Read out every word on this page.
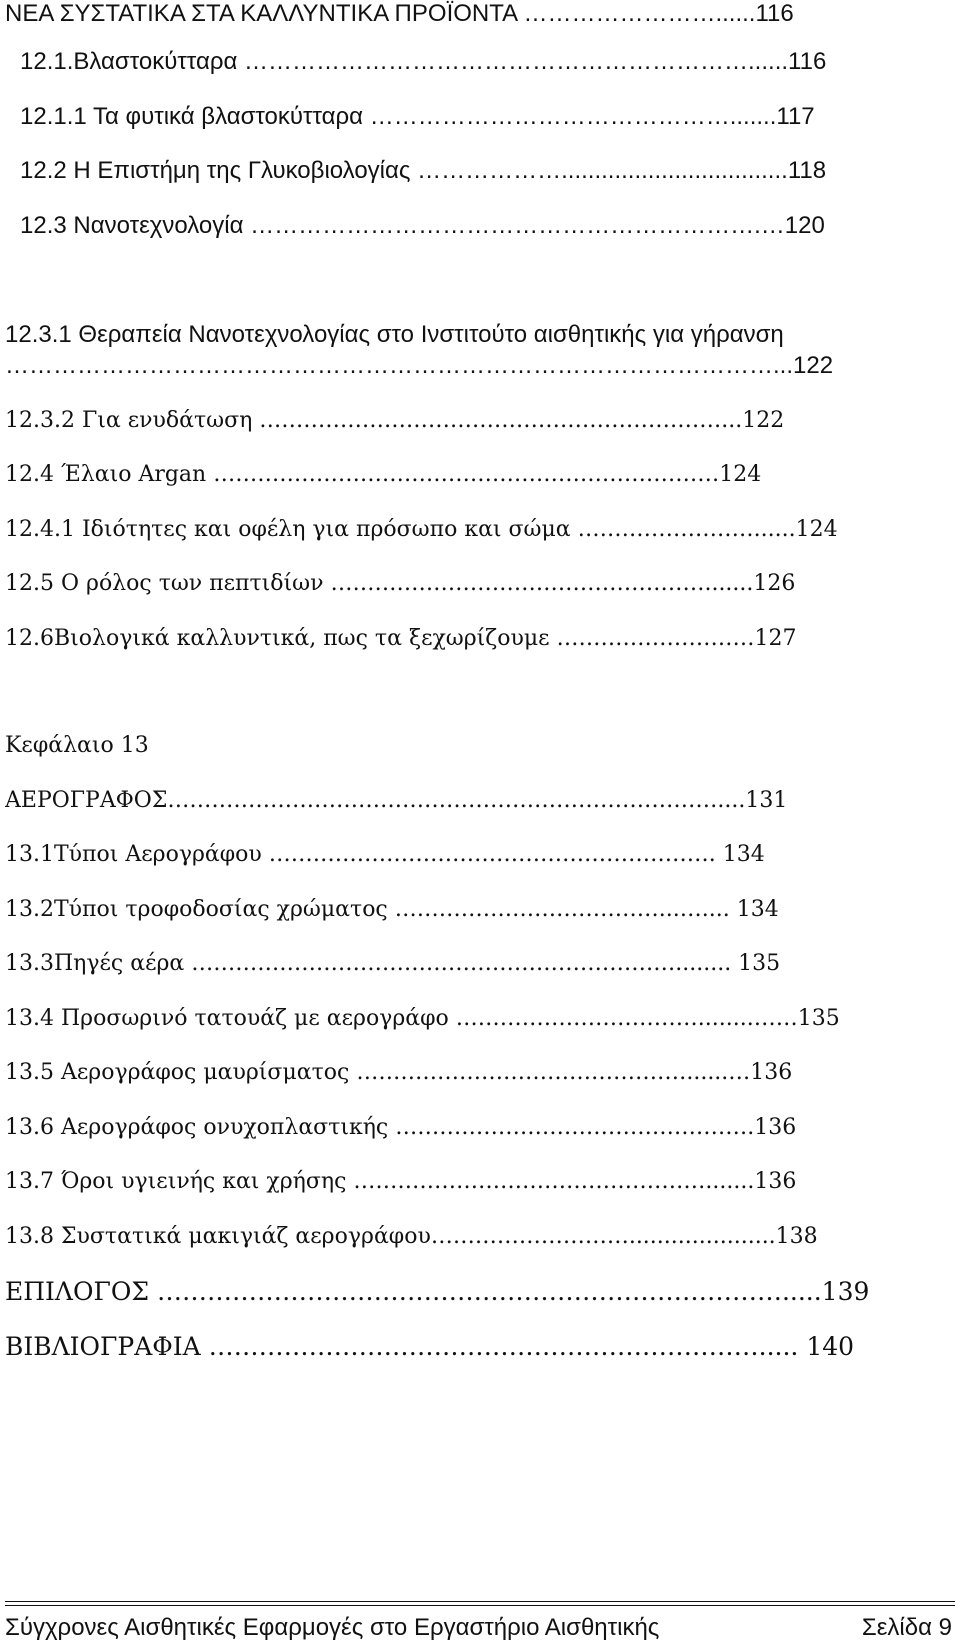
ΝΕΑ ΣΥΣΤΑΤΙΚΑ ΣΤΑ ΚΑΛΛΥΝΤΙΚΑ ΠΡΟΪΟΝΤΑ ……………………......116
12.1.Βλαστοκύτταρα ………………………………………………………......116
12.1.1 Τα φυτικά βλαστοκύτταρα ……………………………………….......117
12.2 Η Επιστήμη της Γλυκοβιολογίας ………………..................................118
12.3 Νανοτεχνολογία ……………………………………………………….…120
12.3.1 Θεραπεία Νανοτεχνολογίας στο Ινστιτούτο αισθητικής για γήρανση
……………………………………………………………………………………...122
12.3.2 Για ενυδάτωση ………………………………………………………...122
12.4 Έλαιο Argan ……………………………………………………………124
12.4.1 Ιδιότητες και οφέλη για πρόσωπο και σώμα ……………………......124
12.5 Ο ρόλος των πεπτιδίων …………………………………………….......126
12.6Βιολογικά καλλυντικά, πως τα ξεχωρίζουμε ………………………127
Κεφάλαιο 13
ΑΕΡΟΓΡΑΦΟΣ…………………………………………………………………....131
13.1Τύποι Αερογράφου ……………………………………………………. 134
13.2Τύποι τροφοδοσίας χρώματος ………………………………...….... 134
13.3Πηγές αέρα …………………………………………………………........ 135
13.4 Προσωρινό τατουάζ με αερογράφο ……………………………........……135
13.5 Αερογράφος μαυρίσματος ………………………………………......…136
13.6 Αερογράφος ονυχοπλαστικής ………………………………………….136
13.7 Όροι υγιεινής και χρήσης ………………………………………….......136
13.8 Συστατικά μακιγιάζ αερογράφου……………………….....................138
ΕΠΙΛΟΓΟΣ ………………………………………………………………….....139
ΒΙΒΛΙΟΓΡΑΦΙΑ …………………………………………………………..... 140
Σύγχρονες Αισθητικές Εφαρμογές στο Εργαστήριο Αισθητικής	Σελίδα 9
